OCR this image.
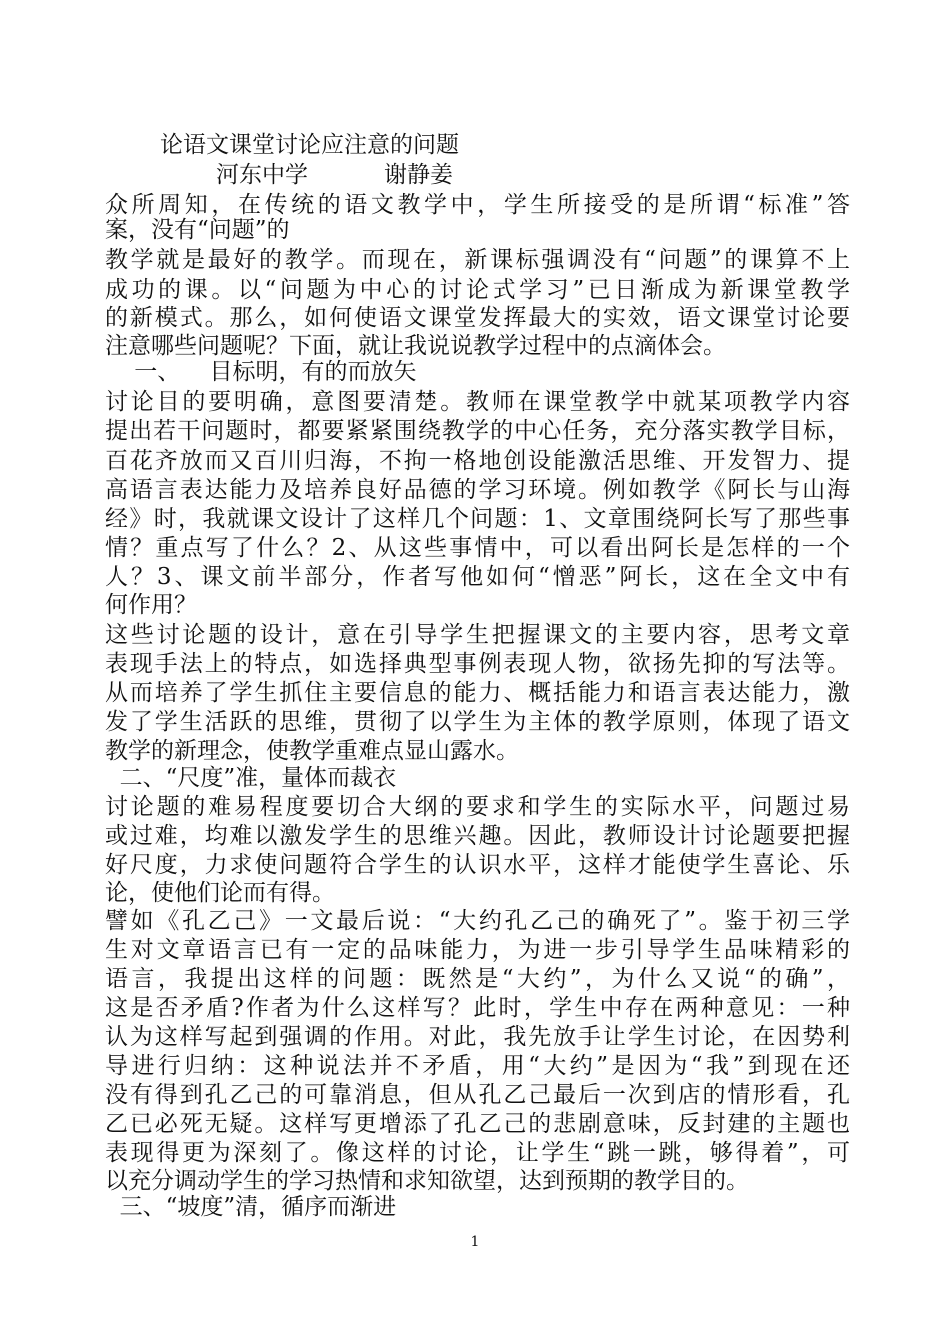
论语文课堂讨论应注意的问题
河东中学	谢静姜
众所周知，在传统的语文教学中，学生所接受的是所谓“标准”答
案，没有“问题”的
教学就是最好的教学。而现在，新课标强调没有“问题”的课算不上
成功的课。以“问题为中心的讨论式学习”已日渐成为新课堂教学
的新模式。那么，如何使语文课堂发挥最大的实效，语文课堂讨论要
注意哪些问题呢？下面，就让我说说教学过程中的点滴体会。
一、    目标明，有的而放矢
讨论目的要明确，意图要清楚。教师在课堂教学中就某项教学内容
提出若干问题时，都要紧紧围绕教学的中心任务，充分落实教学目标，
百花齐放而又百川归海，不拘一格地创设能激活思维、开发智力、提
高语言表达能力及培养良好品德的学习环境。例如教学《阿长与山海
经》时，我就课文设计了这样几个问题：1、文章围绕阿长写了那些事
情？重点写了什么？2、从这些事情中，可以看出阿长是怎样的一个
人？3、课文前半部分，作者写他如何“憎恶”阿长，这在全文中有
何作用？
这些讨论题的设计，意在引导学生把握课文的主要内容，思考文章
表现手法上的特点，如选择典型事例表现人物，欲扬先抑的写法等。
从而培养了学生抓住主要信息的能力、概括能力和语言表达能力，激
发了学生活跃的思维，贯彻了以学生为主体的教学原则，体现了语文
教学的新理念，使教学重难点显山露水。
二、“尺度”准，量体而裁衣
讨论题的难易程度要切合大纲的要求和学生的实际水平，问题过易
或过难，均难以激发学生的思维兴趣。因此，教师设计讨论题要把握
好尺度，力求使问题符合学生的认识水平，这样才能使学生喜论、乐
论，使他们论而有得。
譬如《孔乙己》一文最后说：“大约孔乙己的确死了”。鉴于初三学
生对文章语言已有一定的品味能力，为进一步引导学生品味精彩的
语言，我提出这样的问题：既然是“大约”，为什么又说“的确”，
这是否矛盾?作者为什么这样写？此时，学生中存在两种意见：一种
认为这样写起到强调的作用。对此，我先放手让学生讨论，在因势利
导进行归纳：这种说法并不矛盾，用“大约”是因为“我”到现在还
没有得到孔乙己的可靠消息，但从孔乙己最后一次到店的情形看，孔
乙已必死无疑。这样写更增添了孔乙己的悲剧意味，反封建的主题也
表现得更为深刻了。像这样的讨论，让学生“跳一跳，够得着”，可
以充分调动学生的学习热情和求知欲望，达到预期的教学目的。
三、“坡度”清，循序而渐进
1
